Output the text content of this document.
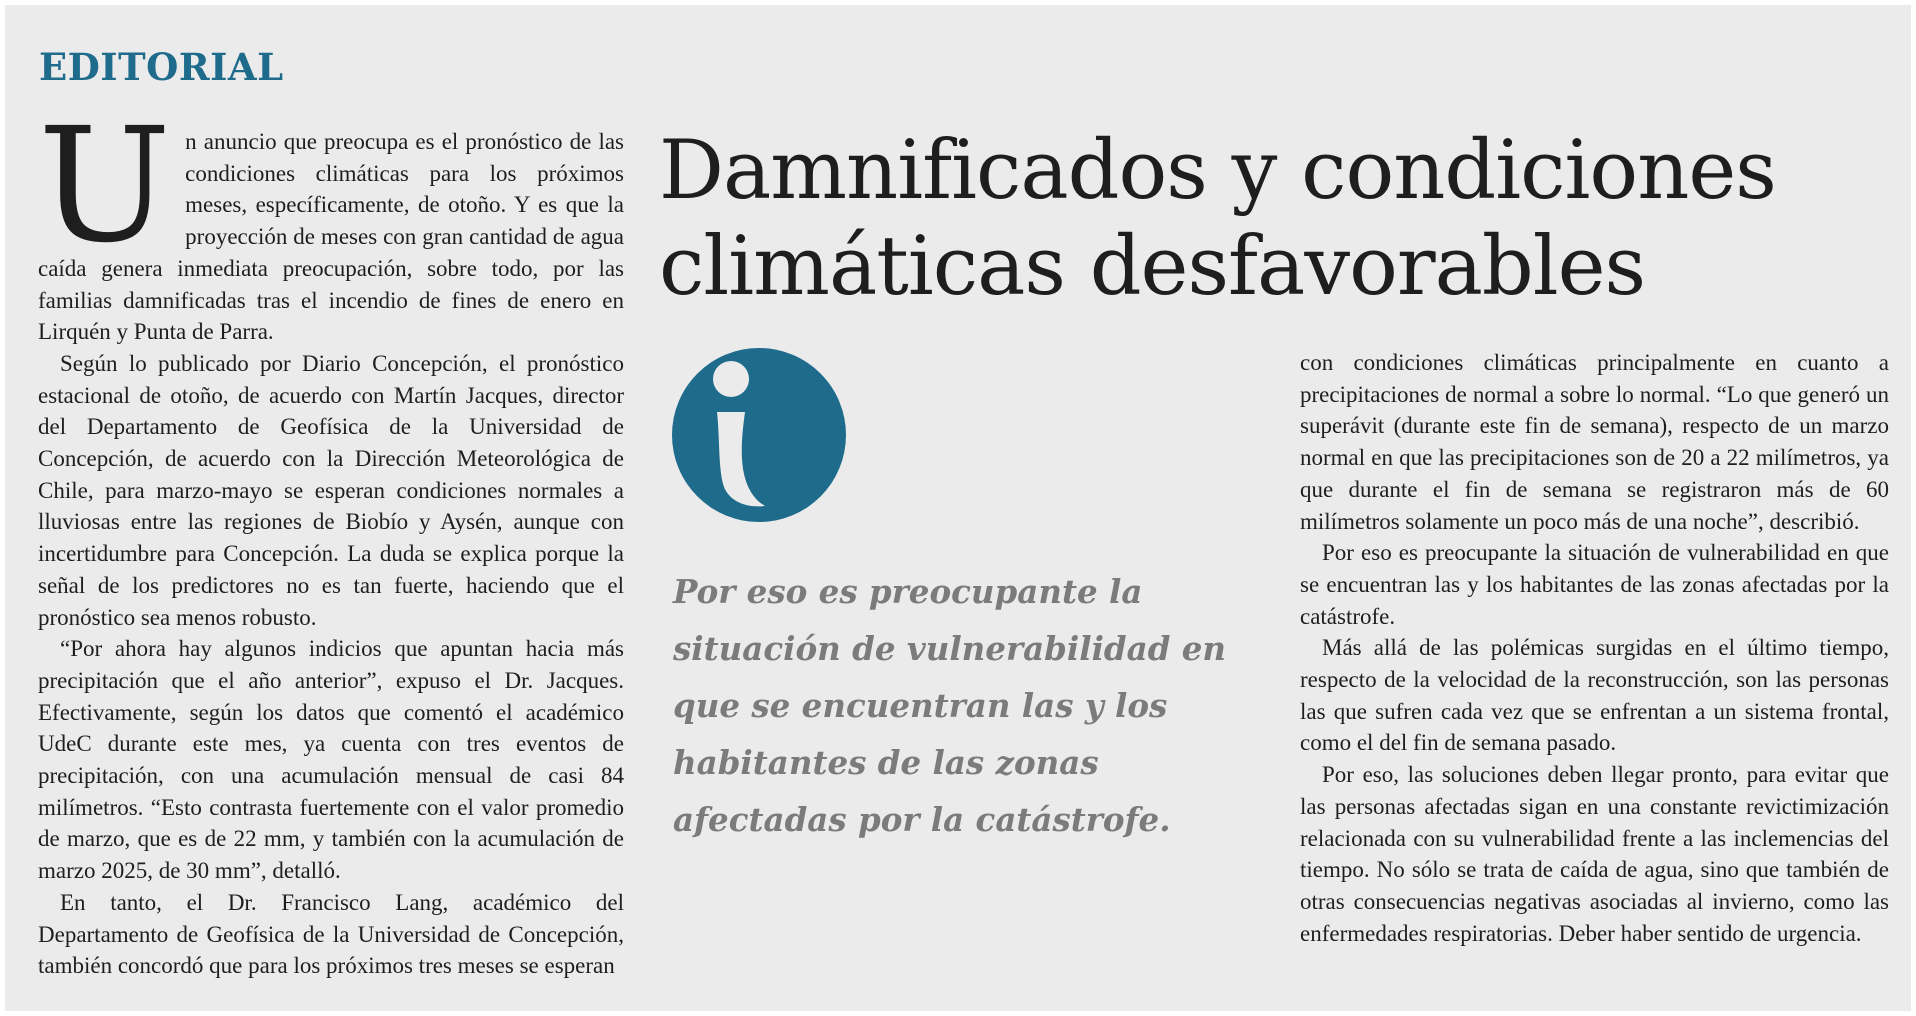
EDITORIAL

Un anuncio que preocupa es el pronóstico de las condiciones climáticas para los próximos meses, específicamente, de otoño. Y es que la proyección de meses con gran cantidad de agua caída genera inmediata preocupación, sobre todo, por las familias damnificadas tras el incendio de fines de enero en Lirquén y Punta de Parra.

Según lo publicado por Diario Concepción, el pronóstico estacional de otoño, de acuerdo con Martín Jacques, director del Departamento de Geofísica de la Universidad de Concepción, de acuerdo con la Dirección Meteorológica de Chile, para marzo-mayo se esperan condiciones normales a lluviosas entre las regiones de Biobío y Aysén, aunque con incertidumbre para Concepción. La duda se explica porque la señal de los predictores no es tan fuerte, haciendo que el pronóstico sea menos robusto.

“Por ahora hay algunos indicios que apuntan hacia más precipitación que el año anterior”, expuso el Dr. Jacques. Efectivamente, según los datos que comentó el académico UdeC durante este mes, ya cuenta con tres eventos de precipitación, con una acumulación mensual de casi 84 milímetros. “Esto contrasta fuertemente con el valor promedio de marzo, que es de 22 mm, y también con la acumulación de marzo 2025, de 30 mm”, detalló.

En tanto, el Dr. Francisco Lang, académico del Departamento de Geofísica de la Universidad de Concepción, también concordó que para los próximos tres meses se esperan

Damnificados y condiciones climáticas desfavorables

Por eso es preocupante la situación de vulnerabilidad en que se encuentran las y los habitantes de las zonas afectadas por la catástrofe.

con condiciones climáticas principalmente en cuanto a precipitaciones de normal a sobre lo normal. “Lo que generó un superávit (durante este fin de semana), respecto de un marzo normal en que las precipitaciones son de 20 a 22 milímetros, ya que durante el fin de semana se registraron más de 60 milímetros solamente un poco más de una noche”, describió.

Por eso es preocupante la situación de vulnerabilidad en que se encuentran las y los habitantes de las zonas afectadas por la catástrofe.

Más allá de las polémicas surgidas en el último tiempo, respecto de la velocidad de la reconstrucción, son las personas las que sufren cada vez que se enfrentan a un sistema frontal, como el del fin de semana pasado.

Por eso, las soluciones deben llegar pronto, para evitar que las personas afectadas sigan en una constante revictimización relacionada con su vulnerabilidad frente a las inclemencias del tiempo. No sólo se trata de caída de agua, sino que también de otras consecuencias negativas asociadas al invierno, como las enfermedades respiratorias. Deber haber sentido de urgencia.
